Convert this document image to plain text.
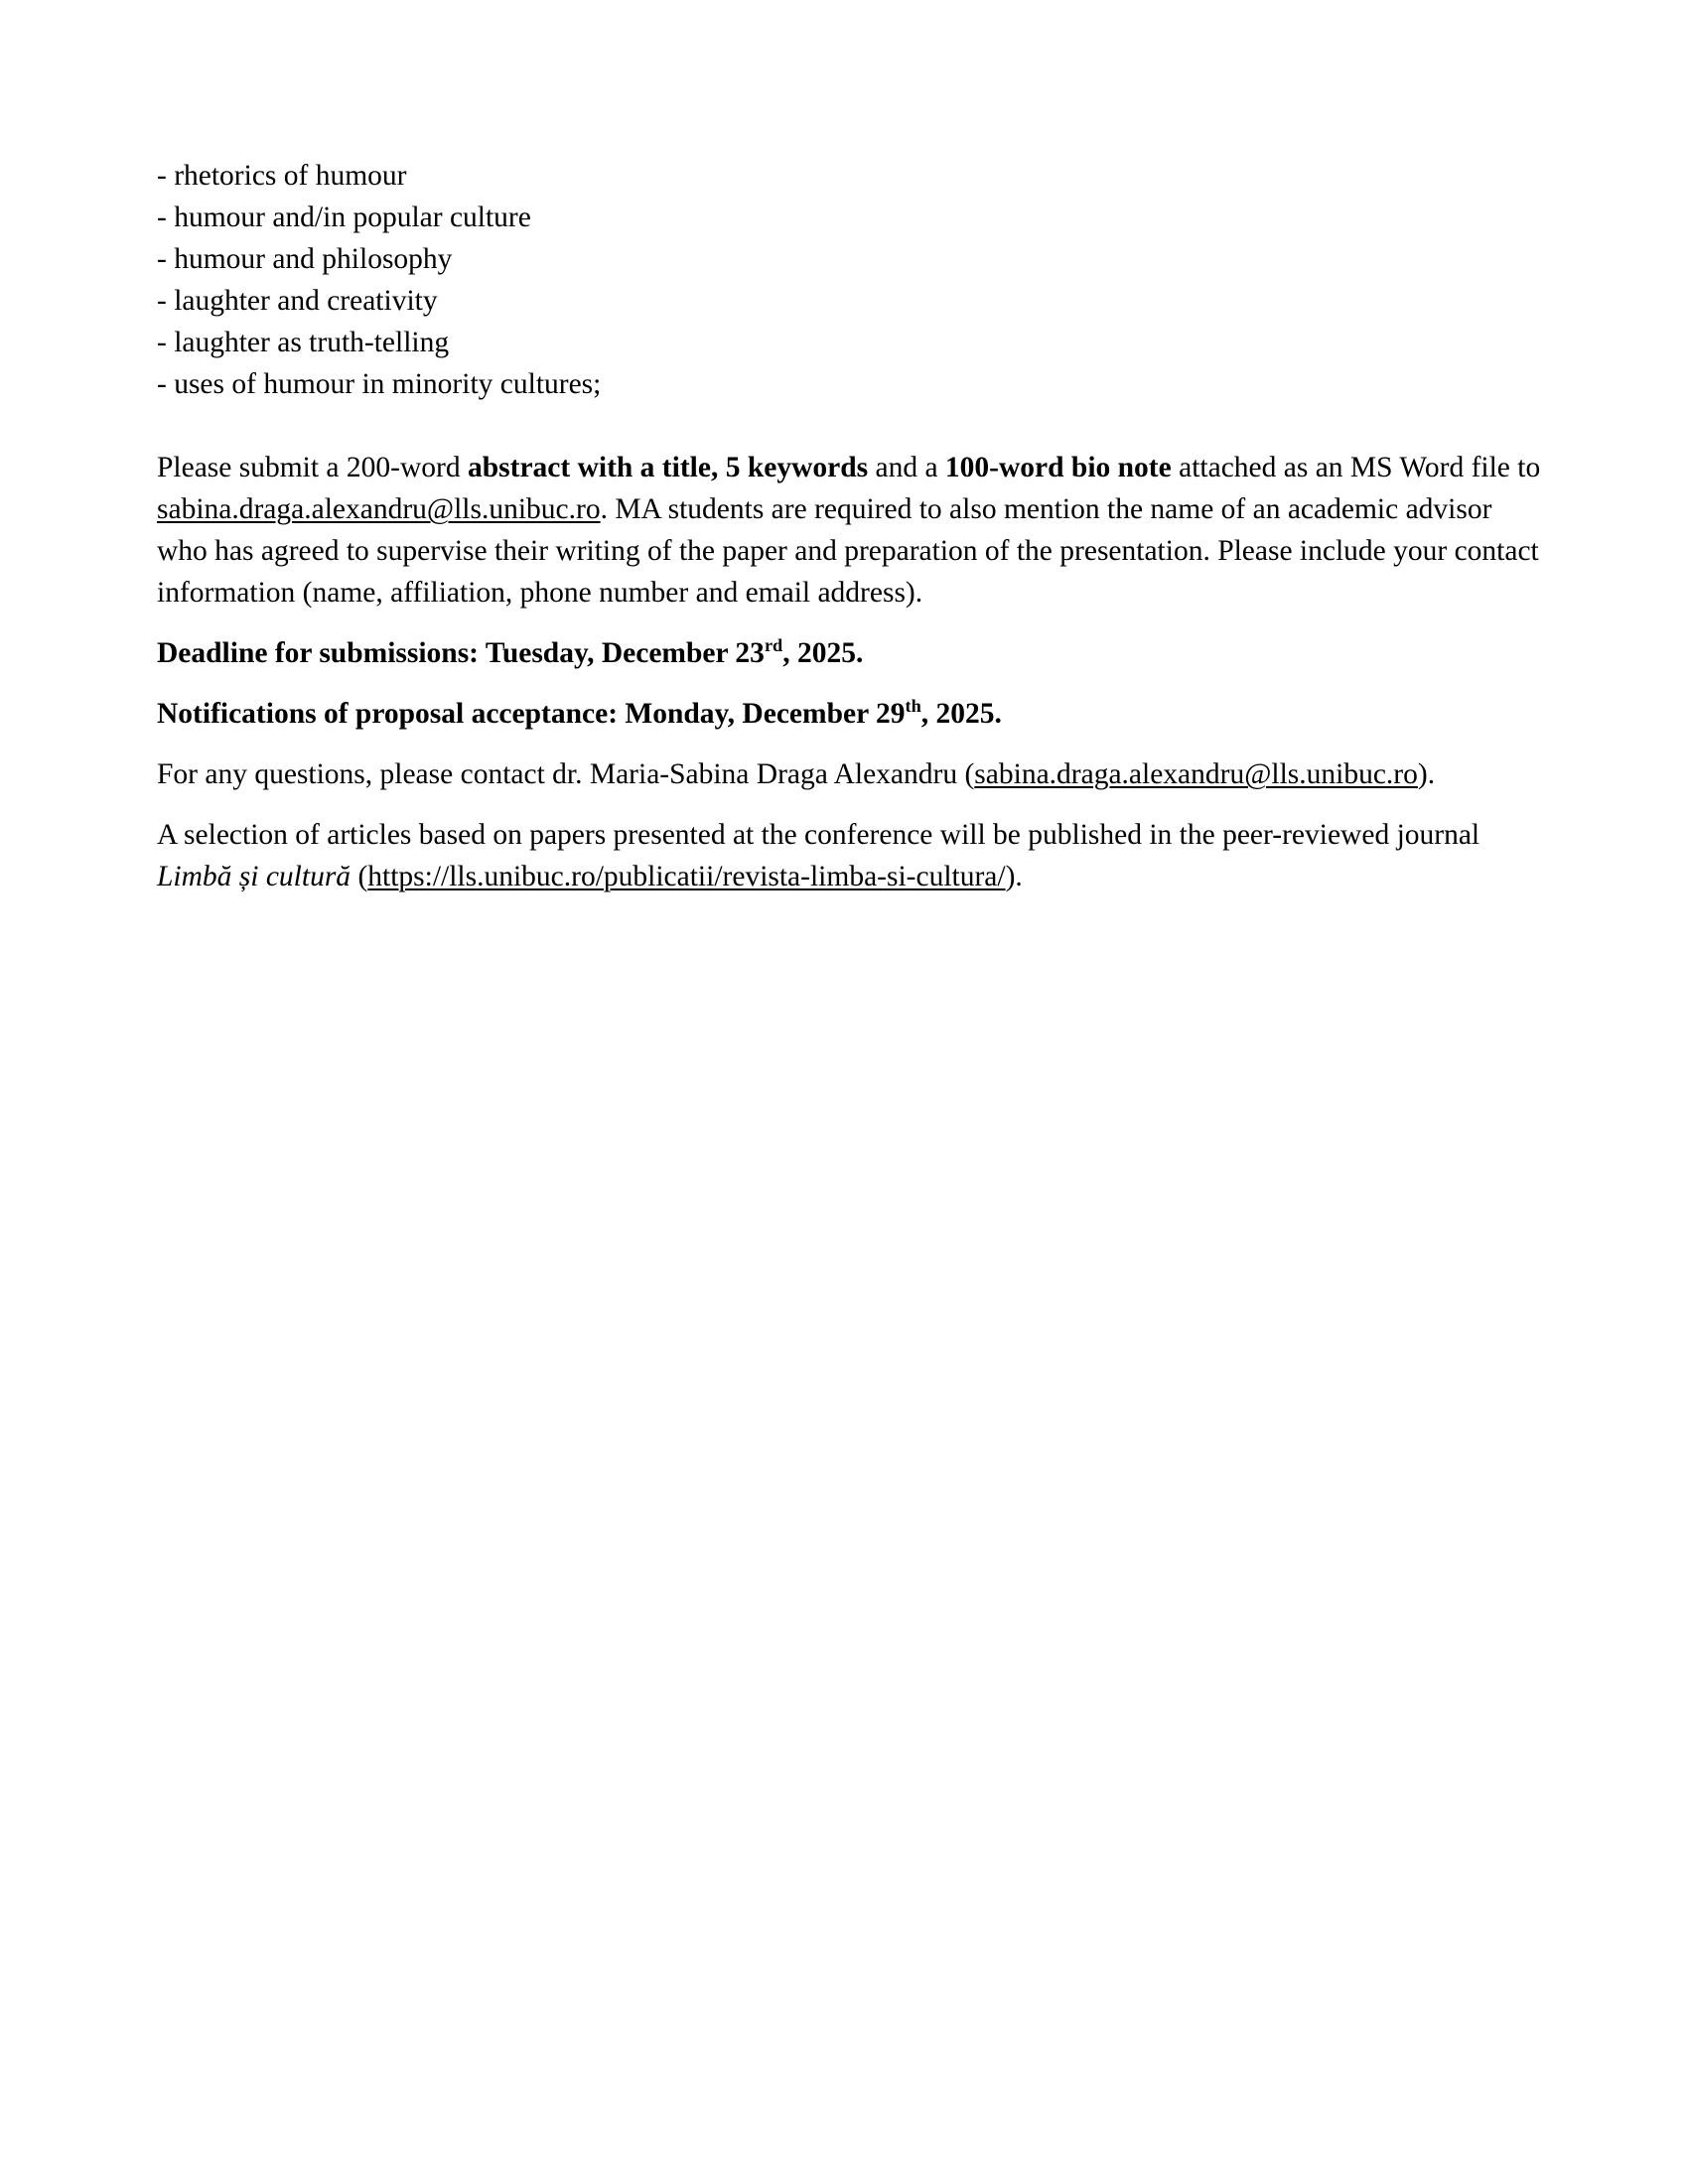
- rhetorics of humour
- humour and/in popular culture
- humour and philosophy
- laughter and creativity
- laughter as truth-telling
- uses of humour in minority cultures;

Please submit a 200-word abstract with a title, 5 keywords and a 100-word bio note attached as an MS Word file to sabina.draga.alexandru@lls.unibuc.ro. MA students are required to also mention the name of an academic advisor who has agreed to supervise their writing of the paper and preparation of the presentation. Please include your contact information (name, affiliation, phone number and email address).

Deadline for submissions: Tuesday, December 23rd, 2025.

Notifications of proposal acceptance: Monday, December 29th, 2025.

For any questions, please contact dr. Maria-Sabina Draga Alexandru (sabina.draga.alexandru@lls.unibuc.ro).

A selection of articles based on papers presented at the conference will be published in the peer-reviewed journal Limbă și cultură (https://lls.unibuc.ro/publicatii/revista-limba-si-cultura/).
